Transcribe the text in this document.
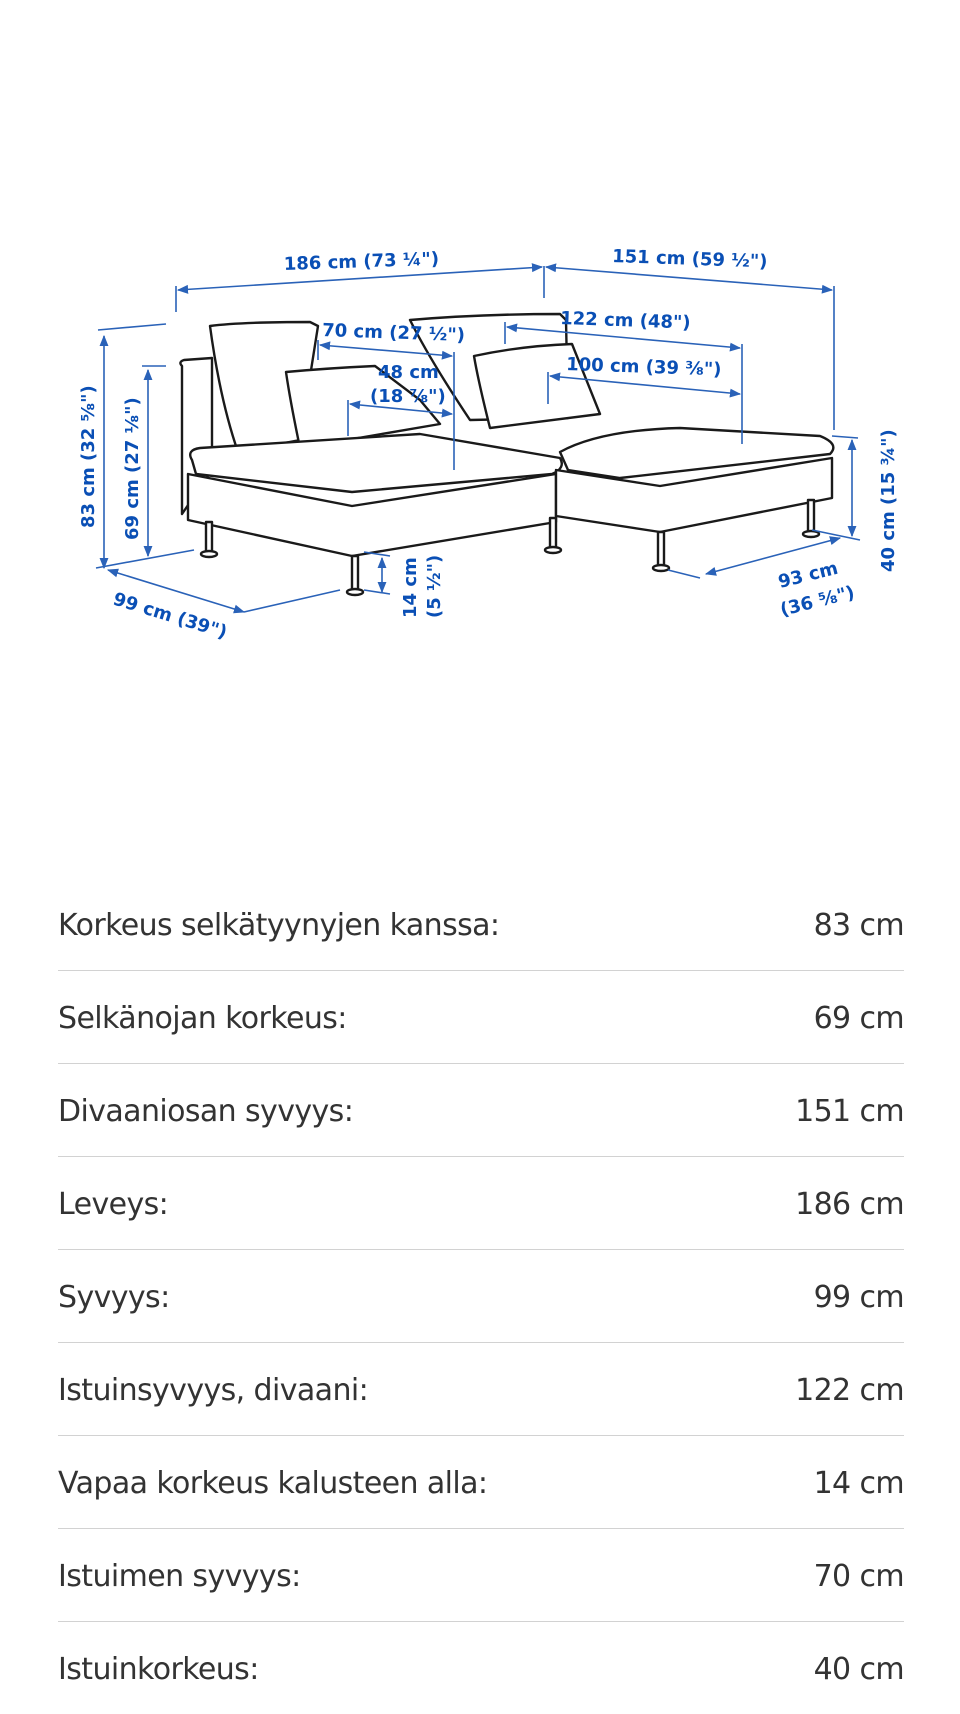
186 cm (73 ¼")	151 cm (59 ½")
70 cm (27 ½")
48 cm
(18 ⅞")
122 cm (48")
100 cm (39 ⅜")
83 cm (32 ⅝") 69 cm (27 ⅛")
99 cm (39")	14 cm (5 ½")
40 cm (15 ¾")
93 cm
(36 ⅝")
Korkeus selkätyynyjen kanssa:	83 cm
Selkänojan korkeus:	69 cm
Divaaniosan syvyys:	151 cm
Leveys:	186 cm
Syvyys:	99 cm
Istuinsyvyys, divaani:	122 cm
Vapaa korkeus kalusteen alla:	14 cm
Istuimen syvyys:	70 cm
Istuinkorkeus:	40 cm
